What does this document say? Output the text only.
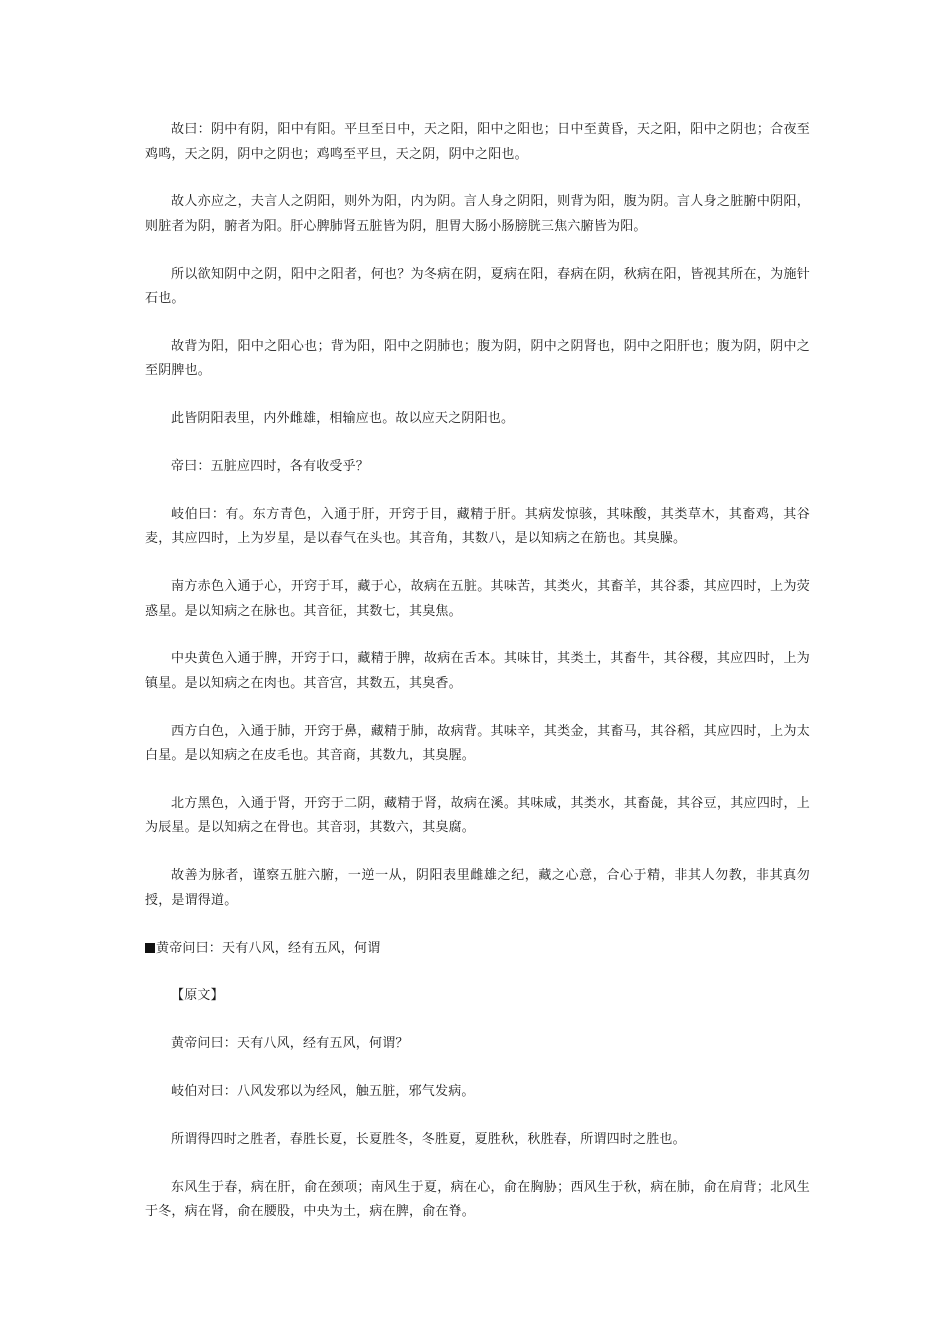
故曰：阴中有阴，阳中有阳。平旦至日中，天之阳，阳中之阳也；日中至黄昏，天之阳，阳中之阴也；合夜至鸡鸣，天之阴，阴中之阴也；鸡鸣至平旦，天之阴，阴中之阳也。

故人亦应之，夫言人之阴阳，则外为阳，内为阴。言人身之阴阳，则背为阳，腹为阴。言人身之脏腑中阴阳，则脏者为阴，腑者为阳。肝心脾肺肾五脏皆为阴，胆胃大肠小肠膀胱三焦六腑皆为阳。

所以欲知阴中之阴，阳中之阳者，何也？为冬病在阴，夏病在阳，春病在阴，秋病在阳，皆视其所在，为施针石也。

故背为阳，阳中之阳心也；背为阳，阳中之阴肺也；腹为阴，阴中之阴肾也，阴中之阳肝也；腹为阴，阴中之至阴脾也。

此皆阴阳表里，内外雌雄，相输应也。故以应天之阴阳也。

帝曰：五脏应四时，各有收受乎？

岐伯曰：有。东方青色，入通于肝，开窍于目，藏精于肝。其病发惊骇，其味酸，其类草木，其畜鸡，其谷麦，其应四时，上为岁星，是以春气在头也。其音角，其数八，是以知病之在筋也。其臭臊。

南方赤色入通于心，开窍于耳，藏于心，故病在五脏。其味苦，其类火，其畜羊，其谷黍，其应四时，上为荧惑星。是以知病之在脉也。其音征，其数七，其臭焦。

中央黄色入通于脾，开窍于口，藏精于脾，故病在舌本。其味甘，其类土，其畜牛，其谷稷，其应四时，上为镇星。是以知病之在肉也。其音宫，其数五，其臭香。

西方白色，入通于肺，开窍于鼻，藏精于肺，故病背。其味辛，其类金，其畜马，其谷稻，其应四时，上为太白星。是以知病之在皮毛也。其音商，其数九，其臭腥。

北方黑色，入通于肾，开窍于二阴，藏精于肾，故病在溪。其味咸，其类水，其畜彘，其谷豆，其应四时，上为辰星。是以知病之在骨也。其音羽，其数六，其臭腐。

故善为脉者，谨察五脏六腑，一逆一从，阴阳表里雌雄之纪，藏之心意，合心于精，非其人勿教，非其真勿授，是谓得道。

黄帝问曰：天有八风，经有五风，何谓

【原文】

黄帝问曰：天有八风，经有五风，何谓？

岐伯对曰：八风发邪以为经风，触五脏，邪气发病。

所谓得四时之胜者，春胜长夏，长夏胜冬，冬胜夏，夏胜秋，秋胜春，所谓四时之胜也。

东风生于春，病在肝，俞在颈项；南风生于夏，病在心，俞在胸胁；西风生于秋，病在肺，俞在肩背；北风生于冬，病在肾，俞在腰股，中央为土，病在脾，俞在脊。
